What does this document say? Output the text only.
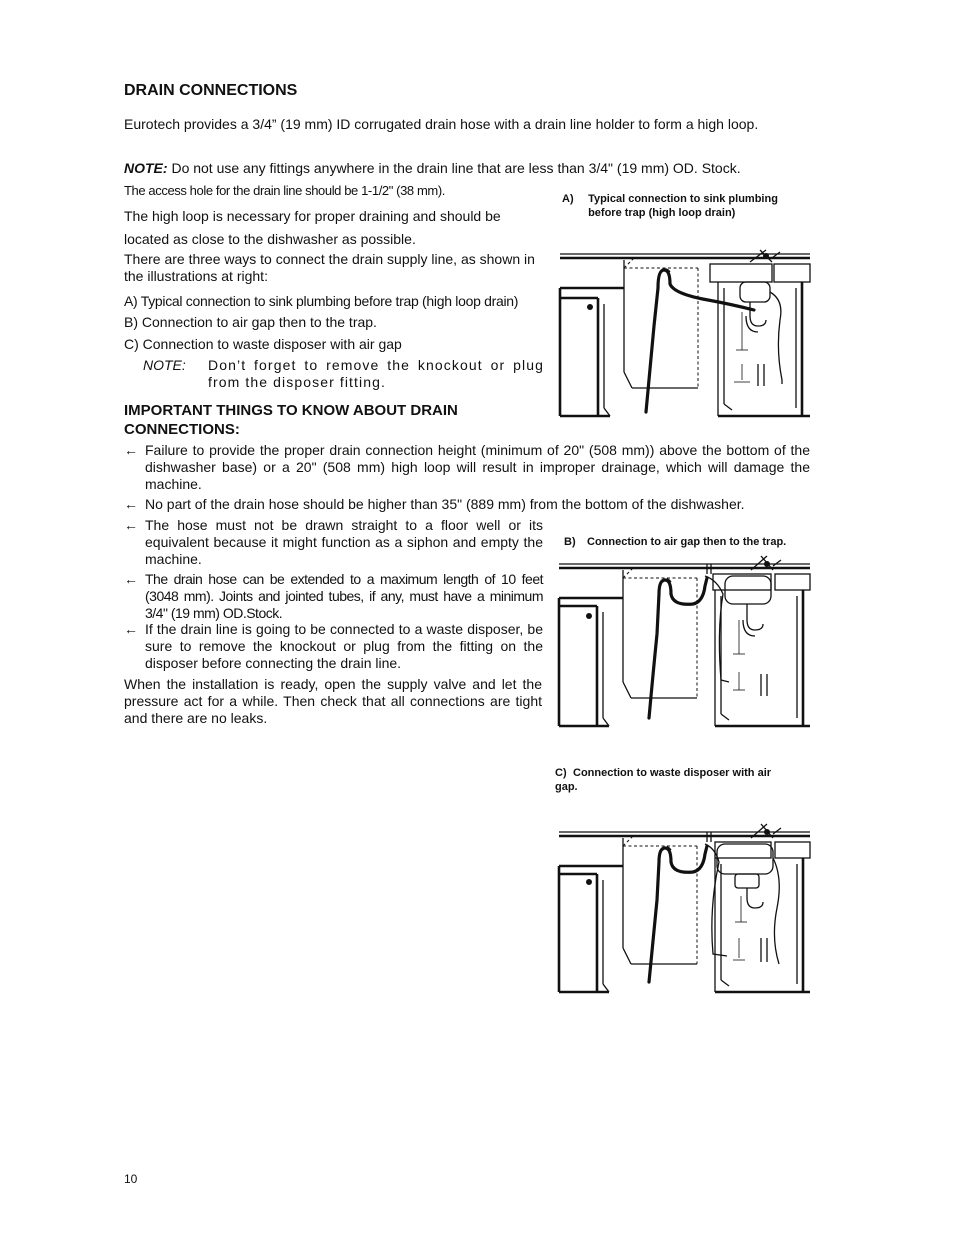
DRAIN CONNECTIONS
Eurotech provides a 3/4” (19 mm) ID corrugated drain hose with a drain line holder to form a high loop.
NOTE: Do not use any fittings anywhere in the drain line that are less than 3/4" (19 mm) OD. Stock.
The access hole for the drain line should be 1-1/2" (38 mm).
The high loop is necessary for proper draining and should be located as close to the dishwasher as possible.
There are three ways to connect the drain supply line, as shown in the illustrations at right:
A) Typical connection to sink plumbing before trap (high loop drain)
B) Connection to air gap then to the trap.
C) Connection to waste disposer with air gap
NOTE:	Don’t forget to remove the knockout or plug from the disposer fitting.
IMPORTANT THINGS TO KNOW ABOUT DRAIN CONNECTIONS:
← Failure to provide the proper drain connection height (minimum of 20" (508 mm)) above the bottom of the dishwasher base) or a 20" (508 mm) high loop will result in improper drainage, which will damage the machine.
← No part of the drain hose should be higher than 35" (889 mm) from the bottom of the dishwasher.
← The hose must not be drawn straight to a floor well or its equivalent because it might function as a siphon and empty the machine.
← The drain hose can be extended to a maximum length of 10 feet (3048 mm). Joints and jointed tubes, if any, must have a minimum 3/4" (19 mm) OD.Stock.
← If the drain line is going to be connected to a waste disposer, be sure to remove the knockout or plug from the fitting on the disposer before connecting the drain line.
When the installation is ready, open the supply valve and let the pressure act for a while. Then check that all connections are tight and there are no leaks.
10
A) Typical connection to sink plumbing before trap (high loop drain)
B) Connection to air gap then to the trap.
C) Connection to waste disposer with air gap.
